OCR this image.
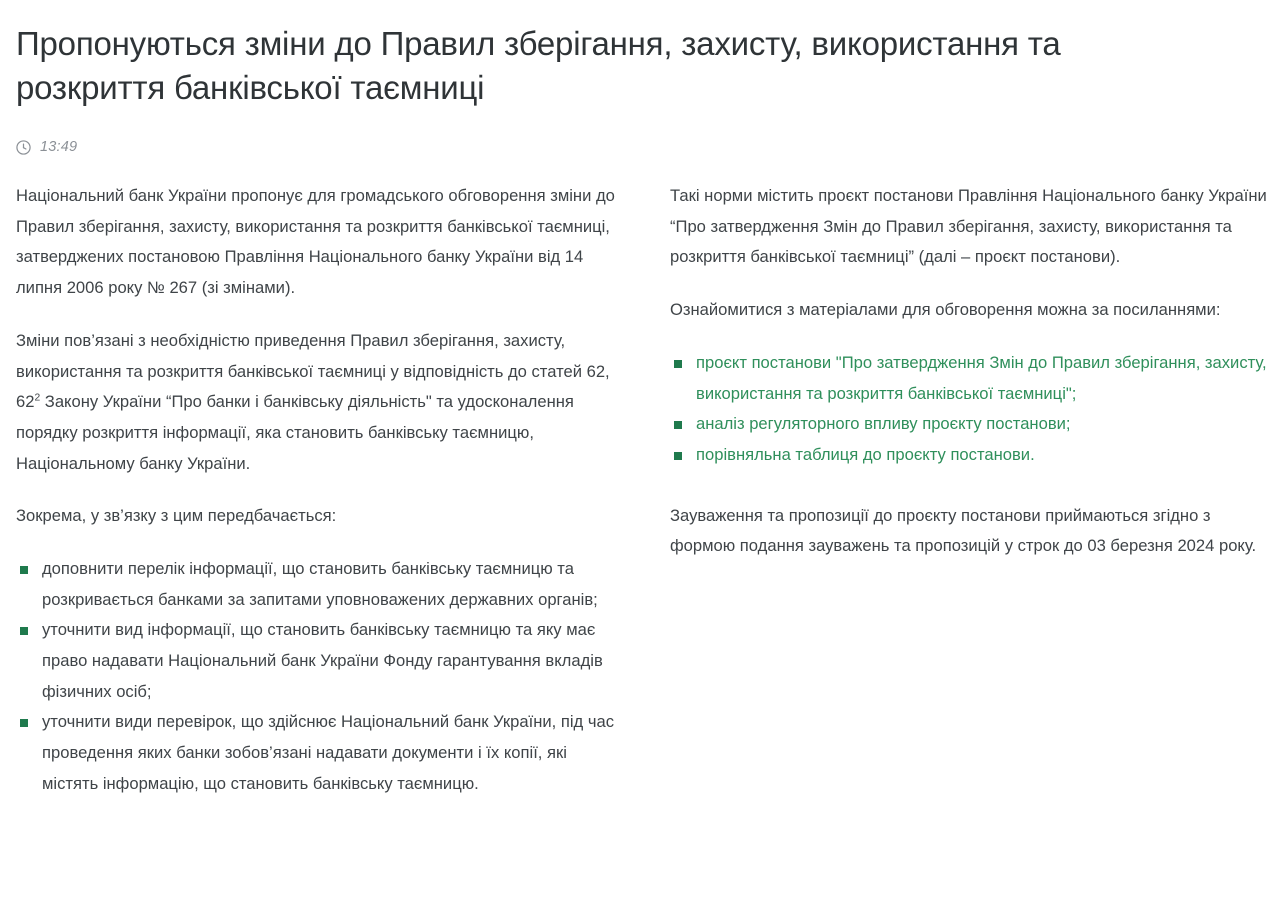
Пропонуються зміни до Правил зберігання, захисту, використання та розкриття банківської таємниці
13:49

Національний банк України пропонує для громадського обговорення зміни до Правил зберігання, захисту, використання та розкриття банківської таємниці, затверджених постановою Правління Національного банку України від 14 липня 2006 року № 267 (зі змінами).

Зміни пов’язані з необхідністю приведення Правил зберігання, захисту, використання та розкриття банківської таємниці у відповідність до статей 62, $62^2$ Закону України “Про банки і банківську діяльність" та удосконалення порядку розкриття інформації, яка становить банківську таємницю, Національному банку України.

Зокрема, у зв’язку з цим передбачається:

доповнити перелік інформації, що становить банківську таємницю та розкривається банками за запитами уповноважених державних органів;
уточнити вид інформації, що становить банківську таємницю та яку має право надавати Національний банк України Фонду гарантування вкладів фізичних осіб;
уточнити види перевірок, що здійснює Національний банк України, під час проведення яких банки зобов’язані надавати документи і їх копії, які містять інформацію, що становить банківську таємницю.

Такі норми містить проєкт постанови Правління Національного банку України “Про затвердження Змін до Правил зберігання, захисту, використання та розкриття банківської таємниці” (далі – проєкт постанови).

Ознайомитися з матеріалами для обговорення можна за посиланнями:

проєкт постанови "Про затвердження Змін до Правил зберігання, захисту, використання та розкриття банківської таємниці";
аналіз регуляторного впливу проєкту постанови;
порівняльна таблиця до проєкту постанови.

Зауваження та пропозиції до проєкту постанови приймаються згідно з формою подання зауважень та пропозицій у строк до 03 березня 2024 року.
